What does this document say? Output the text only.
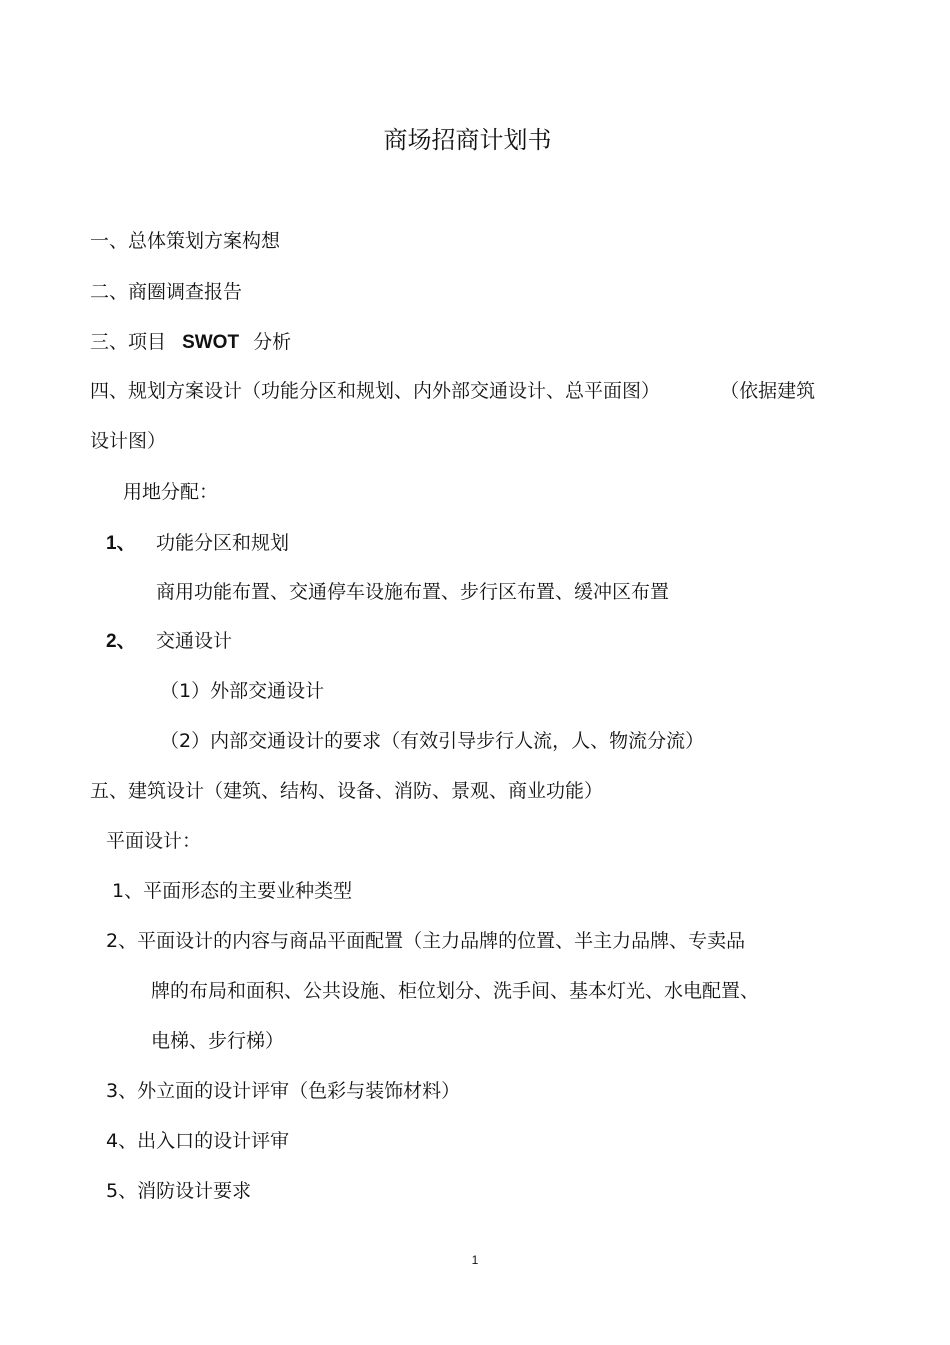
商场招商计划书
一、总体策划方案构想
二、商圈调查报告
三、项目 SWOT 分析
四、规划方案设计（功能分区和规划、内外部交通设计、总平面图）	（依据建筑
设计图）
用地分配：
1、 功能分区和规划
商用功能布置、交通停车设施布置、步行区布置、缓冲区布置
2、 交通设计
（1）外部交通设计
（2）内部交通设计的要求（有效引导步行人流，人、物流分流）
五、建筑设计（建筑、结构、设备、消防、景观、商业功能）
平面设计：
1、平面形态的主要业种类型
2、平面设计的内容与商品平面配置（主力品牌的位置、半主力品牌、专卖品
牌的布局和面积、公共设施、柜位划分、洗手间、基本灯光、水电配置、
电梯、步行梯）
3、外立面的设计评审（色彩与装饰材料）
4、出入口的设计评审
5、消防设计要求
1
